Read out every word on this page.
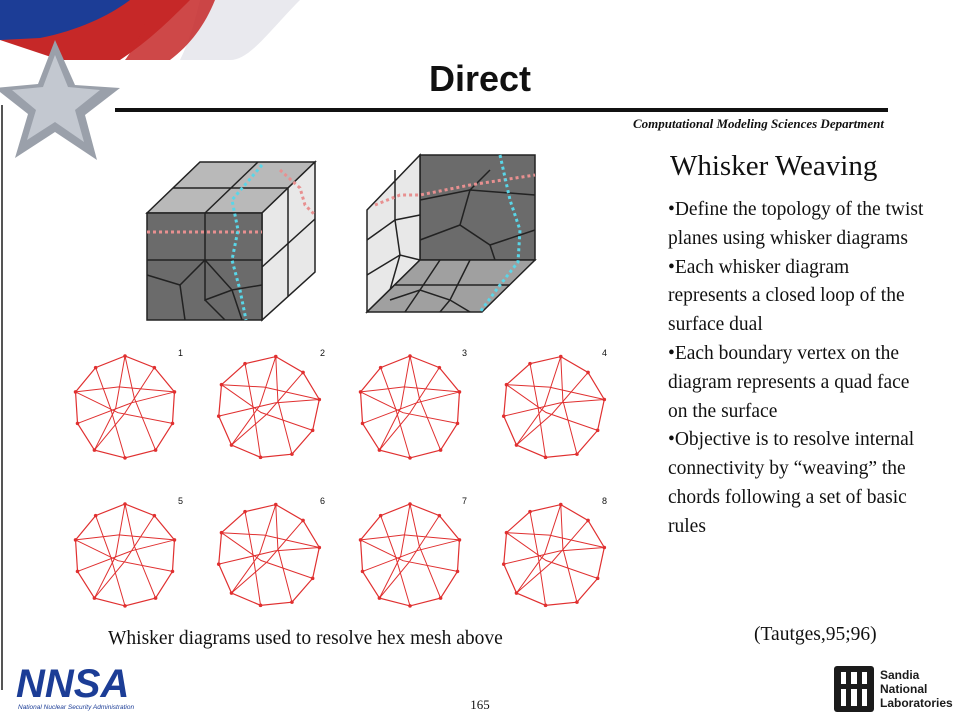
Direct
Computational Modeling Sciences Department
1	2	3	4
5	6	7	8
Whisker Weaving
•Define the topology of the twist planes using whisker diagrams
•Each whisker diagram represents a closed loop of the surface dual
•Each boundary vertex on the diagram represents a quad face on the surface
•Objective is to resolve internal connectivity by “weaving” the chords following a set of basic rules
(Tautges,95;96)
Whisker diagrams used to resolve hex mesh above
165
NNSA
National Nuclear Security Administration
Sandia
National
Laboratories
